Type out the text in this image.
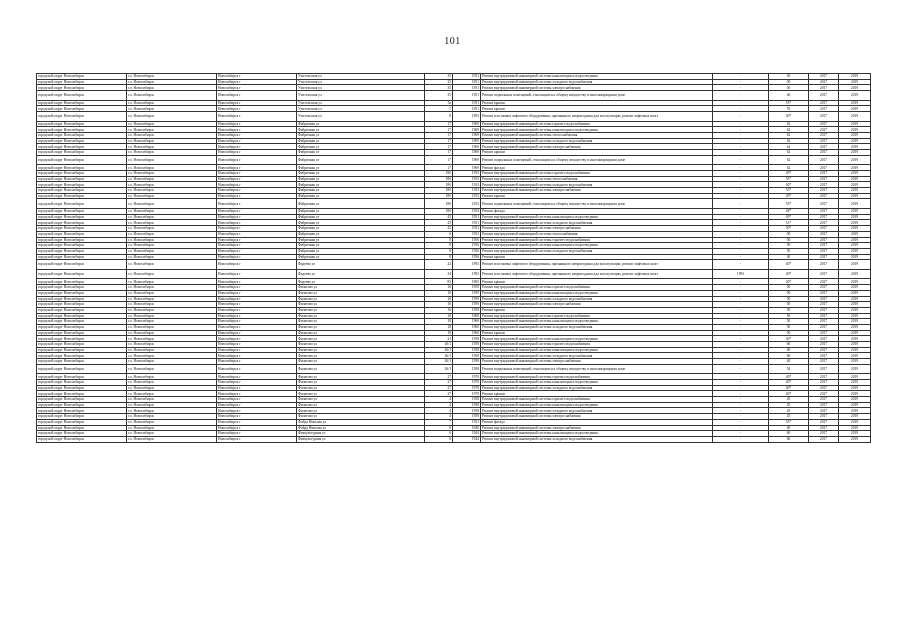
101
городской округ Новосибирск	г.о. Новосибирск	Новосибирск г	Учительская ул	35	1951	Ремонт внутридомовой инженерной системы канализации и водоотведения	-	50	2017	2019
городской округ Новосибирск	г.о. Новосибирск	Новосибирск г	Учительская ул	35	1951	Ремонт внутридомовой инженерной системы холодного водоснабжения	-	50	2017	2019
городской округ Новосибирск	г.о. Новосибирск	Новосибирск г	Учительская ул	35	1951	Ремонт внутридомовой инженерной системы электроснабжения	-	50	2017	2019
городской округ Новосибирск	г.о. Новосибирск	Новосибирск г	Учительская ул	35	1951	Ремонт подвальных помещений, относящихся к общему имуществу в многоквартирном доме	-	46	2017	2019
городской округ Новосибирск	г.о. Новосибирск	Новосибирск г	Учительская ул	5а	1951	Ремонт крыши	-	55*	2017	2019
городской округ Новосибирск	г.о. Новосибирск	Новосибирск г	Учительская ул	7	1951	Ремонт крыши	-	55	2017	2019
городской округ Новосибирск	г.о. Новосибирск	Новосибирск г	Учительская ул	8	1993	Ремонт или замена лифтового оборудования, признанного непригодным для эксплуатации, ремонт лифтовых шахт	-	40*	2017	2019
городской округ Новосибирск	г.о. Новосибирск	Новосибирск г	Фабричная ул	17	1969	Ремонт внутридомовой инженерной системы горячего водоснабжения	-	62	2017	2019
городской округ Новосибирск	г.о. Новосибирск	Новосибирск г	Фабричная ул	17	1969	Ремонт внутридомовой инженерной системы канализации и водоотведения	-	62	2017	2019
городской округ Новосибирск	г.о. Новосибирск	Новосибирск г	Фабричная ул	17	1969	Ремонт внутридомовой инженерной системы теплоснабжения	-	62	2017	2019
городской округ Новосибирск	г.о. Новосибирск	Новосибирск г	Фабричная ул	17	1969	Ремонт внутридомовой инженерной системы холодного водоснабжения	-	62	2017	2019
городской округ Новосибирск	г.о. Новосибирск	Новосибирск г	Фабричная ул	17	1969	Ремонт внутридомовой инженерной системы электроснабжения	-	62	2017	2019
городской округ Новосибирск	г.о. Новосибирск	Новосибирск г	Фабричная ул	17	1969	Ремонт крыши	-	62	2017	2019
городской округ Новосибирск	г.о. Новосибирск	Новосибирск г	Фабричная ул	17	1969	Ремонт подвальных помещений, относящихся к общему имуществу в многоквартирном доме	-	62	2017	2019
городской округ Новосибирск	г.о. Новосибирск	Новосибирск г	Фабричная ул	17	1969	Ремонт фасада	-	62	2017	2019
городской округ Новосибирск	г.о. Новосибирск	Новосибирск г	Фабричная ул	18б	1933	Ремонт внутридомовой инженерной системы горячего водоснабжения	-	49*	2017	2019
городской округ Новосибирск	г.о. Новосибирск	Новосибирск г	Фабричная ул	18б	1933	Ремонт внутридомовой инженерной системы теплоснабжения	-	55*	2017	2019
городской округ Новосибирск	г.о. Новосибирск	Новосибирск г	Фабричная ул	18б	1933	Ремонт внутридомовой инженерной системы холодного водоснабжения	-	40*	2017	2019
городской округ Новосибирск	г.о. Новосибирск	Новосибирск г	Фабричная ул	18б	1933	Ремонт внутридомовой инженерной системы электроснабжения	-	55*	2017	2019
городской округ Новосибирск	г.о. Новосибирск	Новосибирск г	Фабричная ул	18б	1933	Ремонт крыши	-	49*	2017	2019
городской округ Новосибирск	г.о. Новосибирск	Новосибирск г	Фабричная ул	18б	1933	Ремонт подвальных помещений, относящихся к общему имуществу в многоквартирном доме	-	55*	2017	2019
городской округ Новосибирск	г.о. Новосибирск	Новосибирск г	Фабричная ул	18б	1933	Ремонт фасада	-	48*	2017	2019
городской округ Новосибирск	г.о. Новосибирск	Новосибирск г	Фабричная ул	45	1951	Ремонт внутридомовой инженерной системы канализации и водоотведения	-	49*	2017	2019
городской округ Новосибирск	г.о. Новосибирск	Новосибирск г	Фабричная ул	45	1951	Ремонт внутридомовой инженерной системы холодного водоснабжения	-	51*	2017	2019
городской округ Новосибирск	г.о. Новосибирск	Новосибирск г	Фабричная ул	45	1951	Ремонт внутридомовой инженерной системы электроснабжения	-	50*	2017	2019
городской округ Новосибирск	г.о. Новосибирск	Новосибирск г	Фабричная ул	6	1953	Ремонт внутридомовой инженерной системы теплоснабжения	-	50	2017	2019
городской округ Новосибирск	г.о. Новосибирск	Новосибирск г	Фабричная ул	8	1956	Ремонт внутридомовой инженерной системы горячего водоснабжения	-	50	2017	2019
городской округ Новосибирск	г.о. Новосибирск	Новосибирск г	Фабричная ул	8	1956	Ремонт внутридомовой инженерной системы канализации и водоотведения	-	50	2017	2019
городской округ Новосибирск	г.о. Новосибирск	Новосибирск г	Фабричная ул	8	1956	Ремонт внутридомовой инженерной системы холодного водоснабжения	-	50	2017	2019
городской округ Новосибирск	г.о. Новосибирск	Новосибирск г	Фабричная ул	8	1956	Ремонт крыши	-	40	2017	2019
городской округ Новосибирск	г.о. Новосибирск	Новосибирск г	Фадеева ул	22	1993	Ремонт или замена лифтового оборудования, признанного непригодным для эксплуатации, ремонт лифтовых шахт	-	40*	2017	2019
городской округ Новосибирск	г.о. Новосибирск	Новосибирск г	Фадеева ул	24	1992	Ремонт или замена лифтового оборудования, признанного непригодным для эксплуатации, ремонт лифтовых шахт	1993	40*	2017	2019
городской округ Новосибирск	г.о. Новосибирск	Новосибирск г	Фадеева ул	83	1965	Ремонт крыши	-	40*	2017	2019
городской округ Новосибирск	г.о. Новосибирск	Новосибирск г	Филатова ул	16	1959	Ремонт внутридомовой инженерной системы горячего водоснабжения	-	50	2017	2019
городской округ Новосибирск	г.о. Новосибирск	Новосибирск г	Филатова ул	16	1959	Ремонт внутридомовой инженерной системы канализации и водоотведения	-	50	2017	2019
городской округ Новосибирск	г.о. Новосибирск	Новосибирск г	Филатова ул	16	1959	Ремонт внутридомовой инженерной системы холодного водоснабжения	-	50	2017	2019
городской округ Новосибирск	г.о. Новосибирск	Новосибирск г	Филатова ул	16	1959	Ремонт внутридомовой инженерной системы электроснабжения	-	50	2017	2019
городской округ Новосибирск	г.о. Новосибирск	Новосибирск г	Филатова ул	16	1959	Ремонт крыши	-	50	2017	2019
городской округ Новосибирск	г.о. Новосибирск	Новосибирск г	Филатова ул	18	1960	Ремонт внутридомовой инженерной системы горячего водоснабжения	-	50	2017	2019
городской округ Новосибирск	г.о. Новосибирск	Новосибирск г	Филатова ул	18	1960	Ремонт внутридомовой инженерной системы канализации и водоотведения	-	50	2017	2019
городской округ Новосибирск	г.о. Новосибирск	Новосибирск г	Филатова ул	18	1960	Ремонт внутридомовой инженерной системы холодного водоснабжения	-	50	2017	2019
городской округ Новосибирск	г.о. Новосибирск	Новосибирск г	Филатова ул	18	1960	Ремонт крыши	-	50	2017	2019
городской округ Новосибирск	г.о. Новосибирск	Новосибирск г	Филатова ул	21	1958	Ремонт внутридомовой инженерной системы канализации и водоотведения	-	40*	2017	2019
городской округ Новосибирск	г.о. Новосибирск	Новосибирск г	Филатова ул	26/1	1958	Ремонт внутридомовой инженерной системы горячего водоснабжения	-	60	2017	2019
городской округ Новосибирск	г.о. Новосибирск	Новосибирск г	Филатова ул	26/1	1958	Ремонт внутридомовой инженерной системы канализации и водоотведения	-	60	2017	2019
городской округ Новосибирск	г.о. Новосибирск	Новосибирск г	Филатова ул	26/1	1958	Ремонт внутридомовой инженерной системы холодного водоснабжения	-	60	2017	2019
городской округ Новосибирск	г.о. Новосибирск	Новосибирск г	Филатова ул	26/1	1958	Ремонт внутридомовой инженерной системы электроснабжения	-	40	2017	2019
городской округ Новосибирск	г.о. Новосибирск	Новосибирск г	Филатова ул	26/1	1958	Ремонт подвальных помещений, относящихся к общему имуществу в многоквартирном доме	-	54	2017	2019
городской округ Новосибирск	г.о. Новосибирск	Новосибирск г	Филатова ул	27	1970	Ремонт внутридомовой инженерной системы горячего водоснабжения	-	40*	2017	2019
городской округ Новосибирск	г.о. Новосибирск	Новосибирск г	Филатова ул	27	1970	Ремонт внутридомовой инженерной системы канализации и водоотведения	-	40*	2017	2019
городской округ Новосибирск	г.о. Новосибирск	Новосибирск г	Филатова ул	27	1970	Ремонт внутридомовой инженерной системы холодного водоснабжения	-	40*	2017	2019
городской округ Новосибирск	г.о. Новосибирск	Новосибирск г	Филатова ул	27	1970	Ремонт крыши	-	40*	2017	2019
городской округ Новосибирск	г.о. Новосибирск	Новосибирск г	Филатова ул	4	1958	Ремонт внутридомовой инженерной системы горячего водоснабжения	-	45	2017	2019
городской округ Новосибирск	г.о. Новосибирск	Новосибирск г	Филатова ул	4	1958	Ремонт внутридомовой инженерной системы канализации и водоотведения	-	45	2017	2019
городской округ Новосибирск	г.о. Новосибирск	Новосибирск г	Филатова ул	4	1958	Ремонт внутридомовой инженерной системы холодного водоснабжения	-	45	2017	2019
городской округ Новосибирск	г.о. Новосибирск	Новосибирск г	Филатова ул	4	1958	Ремонт внутридомовой инженерной системы электроснабжения	-	45	2017	2019
городской округ Новосибирск	г.о. Новосибирск	Новосибирск г	Фойда Николая ул	7	1931	Ремонт фасада	-	55*	2017	2019
городской округ Новосибирск	г.о. Новосибирск	Новосибирск г	Фойда Николая ул	9	1940	Ремонт внутридомовой инженерной системы электроснабжения	-	40	2017	2019
городской округ Новосибирск	г.о. Новосибирск	Новосибирск г	Физкультурная ул	6	1944	Ремонт внутридомовой инженерной системы канализации и водоотведения	-	60	2017	2019
городской округ Новосибирск	г.о. Новосибирск	Новосибирск г	Физкультурная ул	6	1944	Ремонт внутридомовой инженерной системы холодного водоснабжения	-	60	2017	2019
